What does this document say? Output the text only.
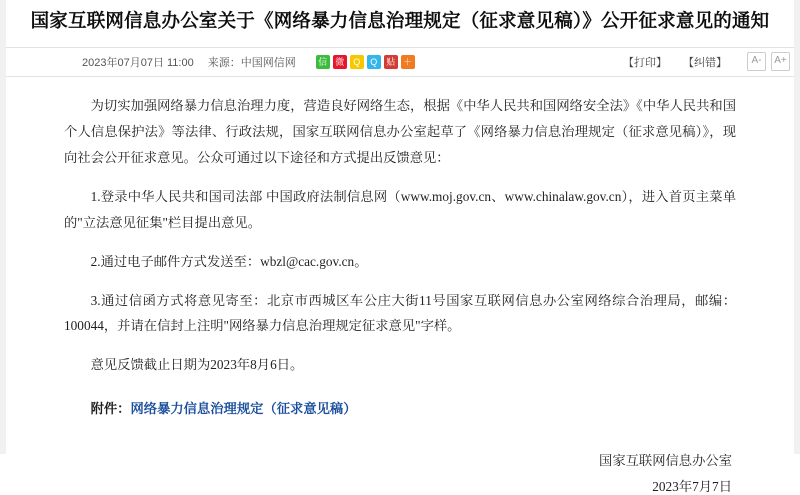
国家互联网信息办公室关于《网络暴力信息治理规定（征求意见稿）》公开征求意见的通知
2023年07月07日 11:00 来源：中国网信网 信 微 Q	Q 贴 ＋	【打印】 【纠错】	A-	A+

为切实加强网络暴力信息治理力度，营造良好网络生态，根据《中华人民共和国网络安全法》《中华人民共和国个人信息保护法》等法律、行政法规，国家互联网信息办公室起草了《网络暴力信息治理规定（征求意见稿）》，现向社会公开征求意见。公众可通过以下途径和方式提出反馈意见：

1.登录中华人民共和国司法部 中国政府法制信息网（www.moj.gov.cn、www.chinalaw.gov.cn），进入首页主菜单的"立法意见征集"栏目提出意见。

2.通过电子邮件方式发送至：wbzl@cac.gov.cn。

3.通过信函方式将意见寄至：北京市西城区车公庄大街11号国家互联网信息办公室网络综合治理局，邮编：100044，并请在信封上注明"网络暴力信息治理规定征求意见"字样。

意见反馈截止日期为2023年8月6日。

附件：网络暴力信息治理规定（征求意见稿）
国家互联网信息办公室
2023年7月7日
